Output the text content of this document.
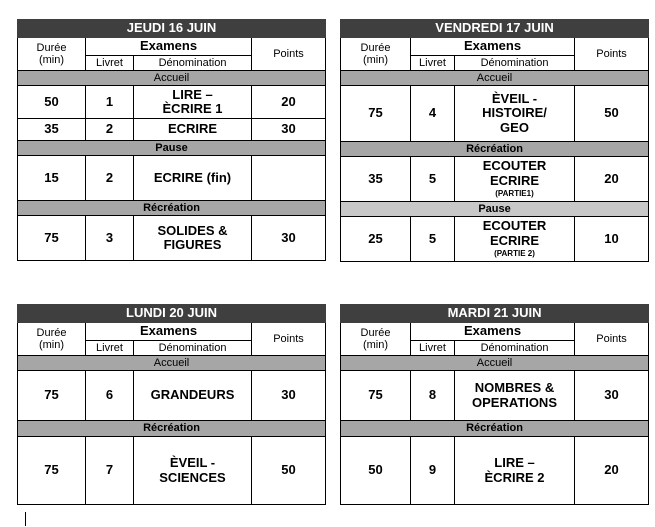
JEUDI 16 JUIN			
Durée
(min)	Examens		Points
	Livret	Dénomination	
Accueil			
50	1	LIRE –
ÈCRIRE 1	20
35	2	ECRIRE	30
Pause			
15	2	ECRIRE (fin)	
Récréation			
75	3	SOLIDES &
FIGURES	30
VENDREDI 17 JUIN			
Durée
(min)	Examens		Points
	Livret	Dénomination	
Accueil			
75	4	ÈVEIL -
HISTOIRE/
GEO	50
Récréation			
35	5	ECOUTER
ECRIRE
(PARTIE1)	20
Pause			
25	5	ECOUTER
ECRIRE
(PARTIE 2)	10
LUNDI 20 JUIN			
Durée
(min)	Examens		Points
	Livret	Dénomination	
Accueil			
75	6	GRANDEURS	30
Récréation			
75	7	ÈVEIL -
SCIENCES	50
MARDI 21 JUIN			
Durée
(min)	Examens		Points
	Livret	Dénomination	
Accueil			
75	8	NOMBRES &
OPERATIONS	30
Récréation			
50	9	LIRE –
ÈCRIRE 2	20
